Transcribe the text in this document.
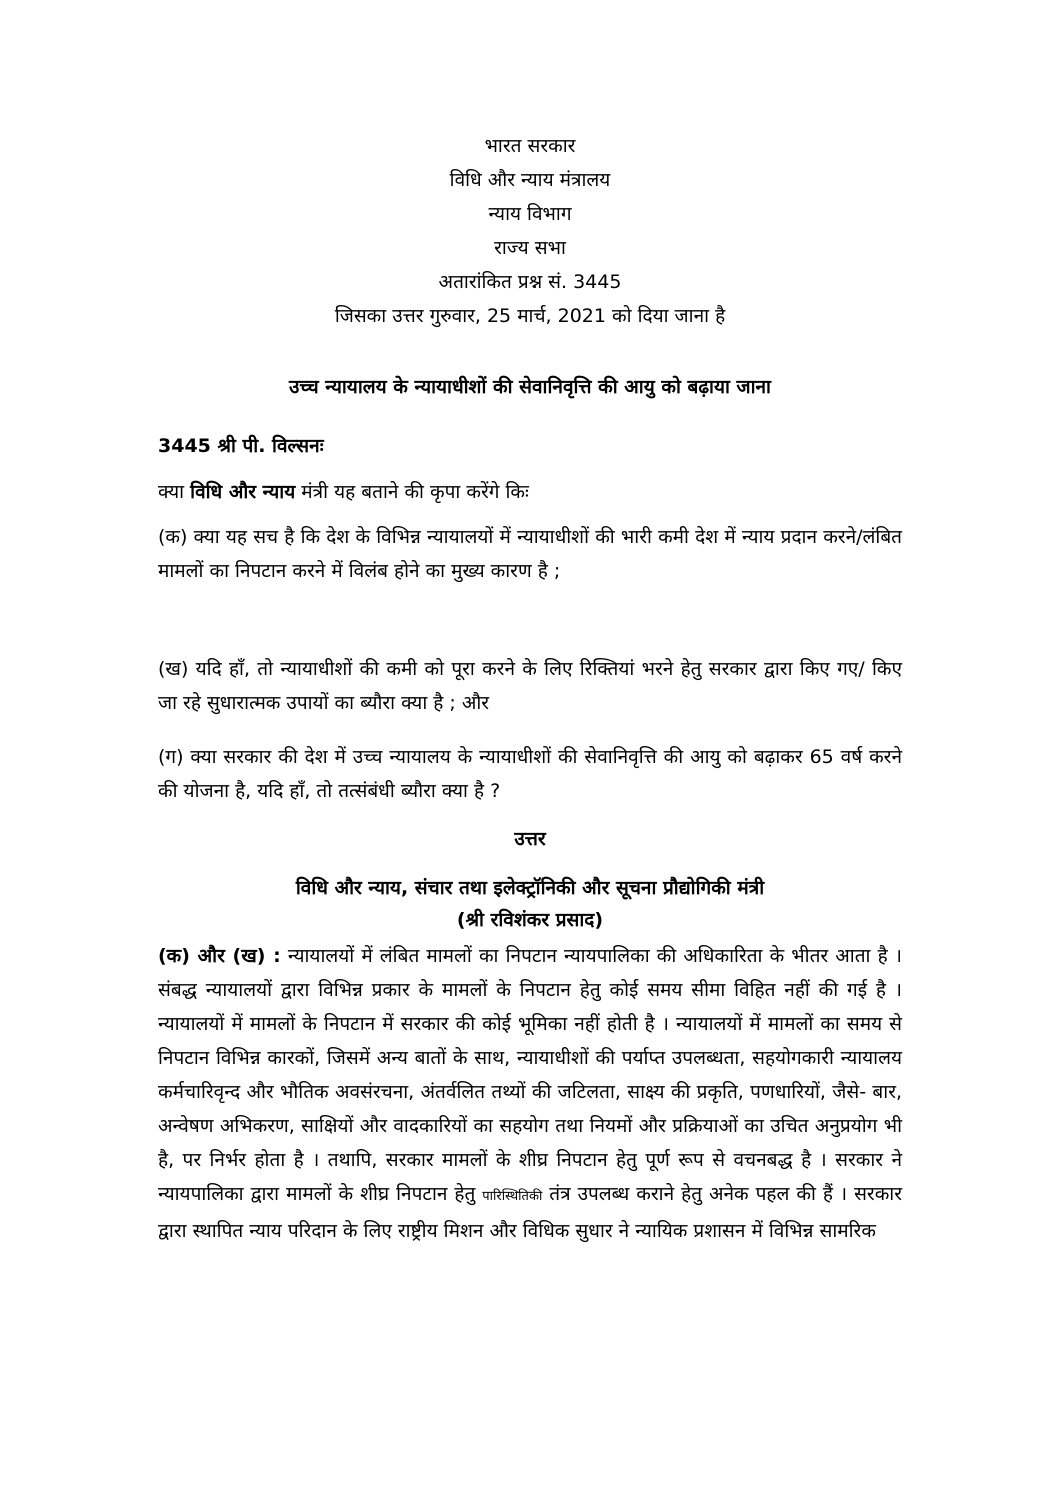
भारत सरकार
विधि और न्याय मंत्रालय
न्याय विभाग
राज्य सभा
अतारांकित प्रश्न सं. 3445
जिसका उत्तर गुरुवार, 25 मार्च, 2021 को दिया जाना है
उच्च न्यायालय के न्यायाधीशों की सेवानिवृत्ति की आयु को बढ़ाया जाना
3445 श्री पी. विल्सनः
क्या विधि और न्याय मंत्री यह बताने की कृपा करेंगे किः
(क) क्या यह सच है कि देश के विभिन्न न्यायालयों में न्यायाधीशों की भारी कमी देश में न्याय प्रदान करने/लंबित मामलों का निपटान करने में विलंब होने का मुख्य कारण है ;
(ख) यदि हाँ, तो न्यायाधीशों की कमी को पूरा करने के लिए रिक्तियां भरने हेतु सरकार द्वारा किए गए/ किए जा रहे सुधारात्मक उपायों का ब्यौरा क्या है ; और
(ग) क्या सरकार की देश में उच्च न्यायालय के न्यायाधीशों की सेवानिवृत्ति की आयु को बढ़ाकर 65 वर्ष करने की योजना है, यदि हाँ, तो तत्संबंधी ब्यौरा क्या है ?
उत्तर
विधि और न्याय, संचार तथा इलेक्ट्रॉनिकी और सूचना प्रौद्योगिकी मंत्री
(श्री रविशंकर प्रसाद)
(क) और (ख) : न्यायालयों में लंबित मामलों का निपटान न्यायपालिका की अधिकारिता के भीतर आता है । संबद्ध न्यायालयों द्वारा विभिन्न प्रकार के मामलों के निपटान हेतु कोई समय सीमा विहित नहीं की गई है । न्यायालयों में मामलों के निपटान में सरकार की कोई भूमिका नहीं होती है । न्यायालयों में मामलों का समय से निपटान विभिन्न कारकों, जिसमें अन्य बातों के साथ, न्यायाधीशों की पर्याप्त उपलब्धता, सहयोगकारी न्यायालय कर्मचारिवृन्द और भौतिक अवसंरचना, अंतर्वलित तथ्यों की जटिलता, साक्ष्य की प्रकृति, पणधारियों, जैसे- बार, अन्वेषण अभिकरण, साक्षियों और वादकारियों का सहयोग तथा नियमों और प्रक्रियाओं का उचित अनुप्रयोग भी है, पर निर्भर होता है । तथापि, सरकार मामलों के शीघ्र निपटान हेतु पूर्ण रूप से वचनबद्ध है । सरकार ने न्यायपालिका द्वारा मामलों के शीघ्र निपटान हेतु पारिस्थितिकी तंत्र उपलब्ध कराने हेतु अनेक पहल की हैं । सरकार द्वारा स्थापित न्याय परिदान के लिए राष्ट्रीय मिशन और विधिक सुधार ने न्यायिक प्रशासन में विभिन्न सामरिक
